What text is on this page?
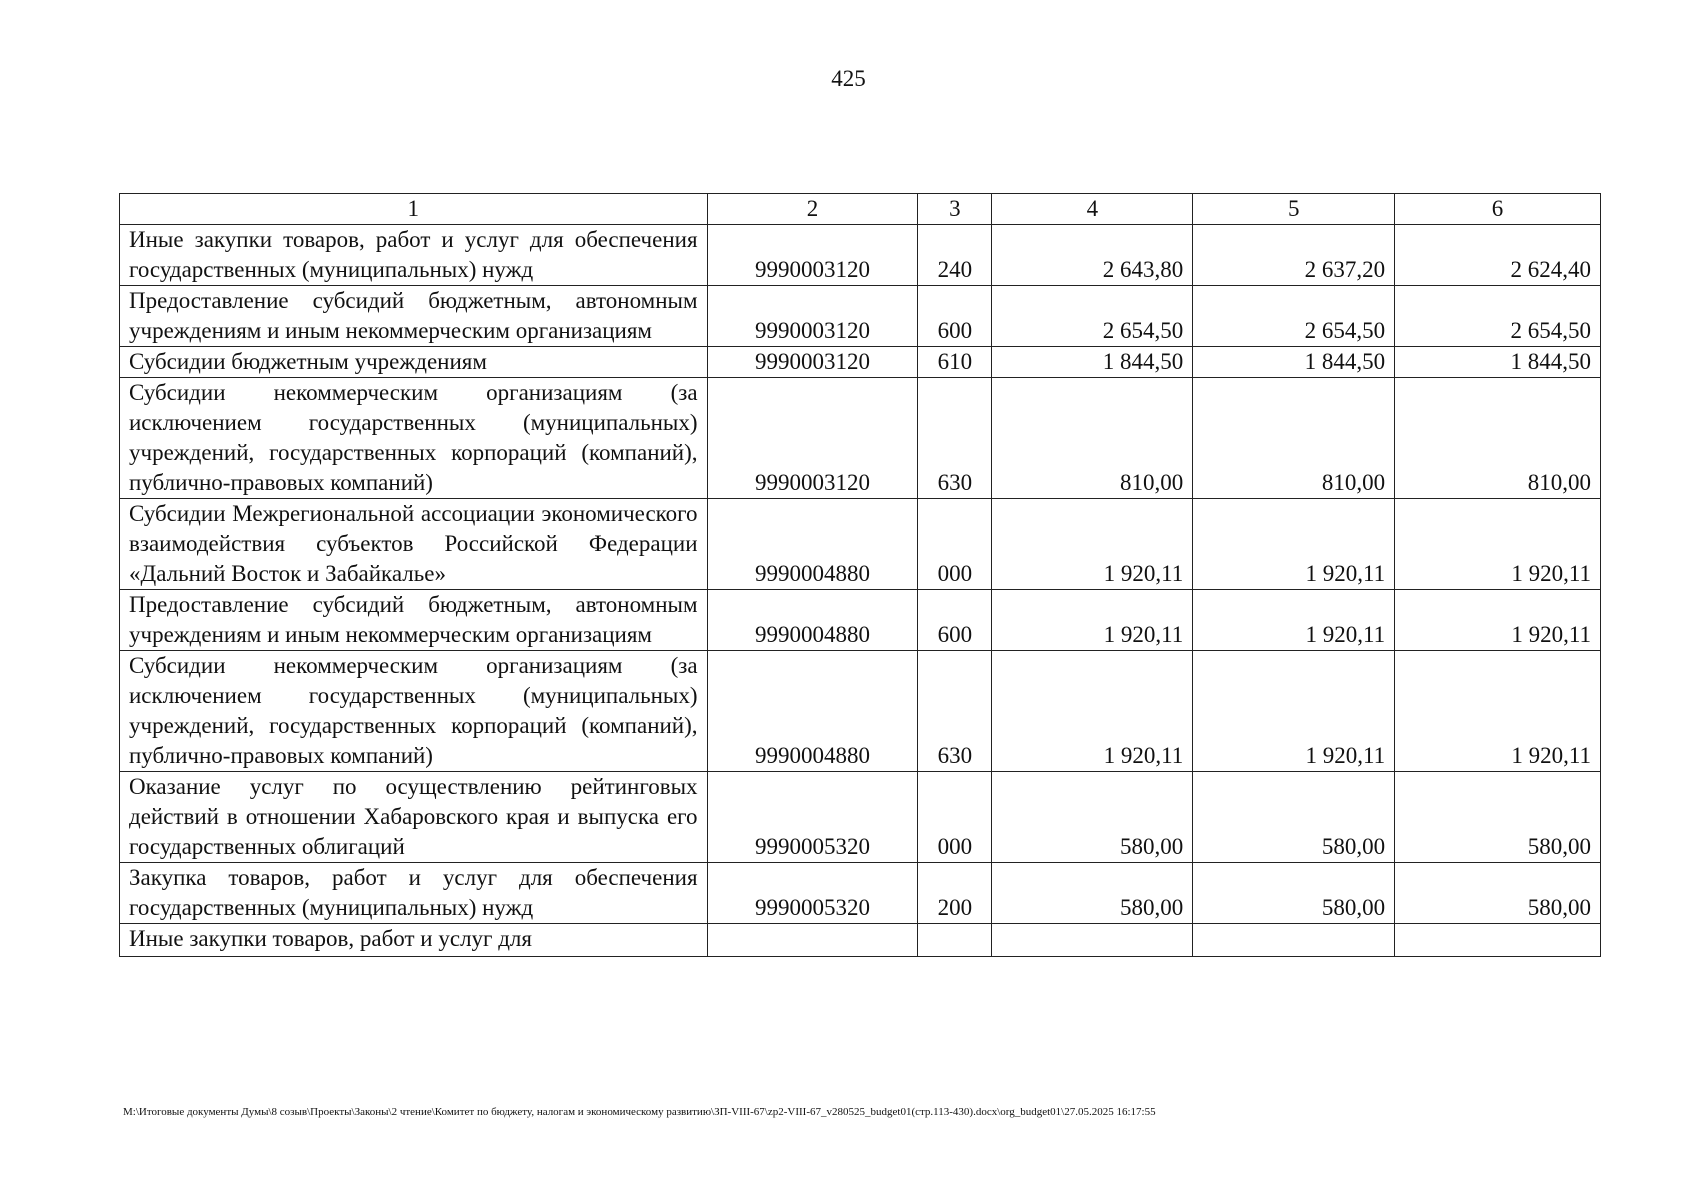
425
1	2	3	4	5	6
Иные закупки товаров, работ и услуг для обеспечения государственных (муниципальных) нужд	9990003120	240	2 643,80	2 637,20	2 624,40
Предоставление субсидий бюджетным, автономным учреждениям и иным некоммерческим организациям	9990003120	600	2 654,50	2 654,50	2 654,50
Субсидии бюджетным учреждениям	9990003120	610	1 844,50	1 844,50	1 844,50
Субсидии некоммерческим организациям (за исключением государственных (муниципальных) учреждений, государственных корпораций (компаний), публично-правовых компаний)	9990003120	630	810,00	810,00	810,00
Субсидии Межрегиональной ассоциации экономического взаимодействия субъектов Российской Федерации «Дальний Восток и Забайкалье»	9990004880	000	1 920,11	1 920,11	1 920,11
Предоставление субсидий бюджетным, автономным учреждениям и иным некоммерческим организациям	9990004880	600	1 920,11	1 920,11	1 920,11
Субсидии некоммерческим организациям (за исключением государственных (муниципальных) учреждений, государственных корпораций (компаний), публично-правовых компаний)	9990004880	630	1 920,11	1 920,11	1 920,11
Оказание услуг по осуществлению рейтинговых действий в отношении Хабаровского края и выпуска его государственных облигаций	9990005320	000	580,00	580,00	580,00
Закупка товаров, работ и услуг для обеспечения государственных (муниципальных) нужд	9990005320	200	580,00	580,00	580,00
Иные закупки товаров, работ и услуг для					
M:\Итоговые документы Думы\8 созыв\Проекты\Законы\2 чтение\Комитет по бюджету, налогам и экономическому развитию\ЗП-VIII-67\zp2-VIII-67_v280525_budget01(стр.113-430).docx\org_budget01\27.05.2025 16:17:55
